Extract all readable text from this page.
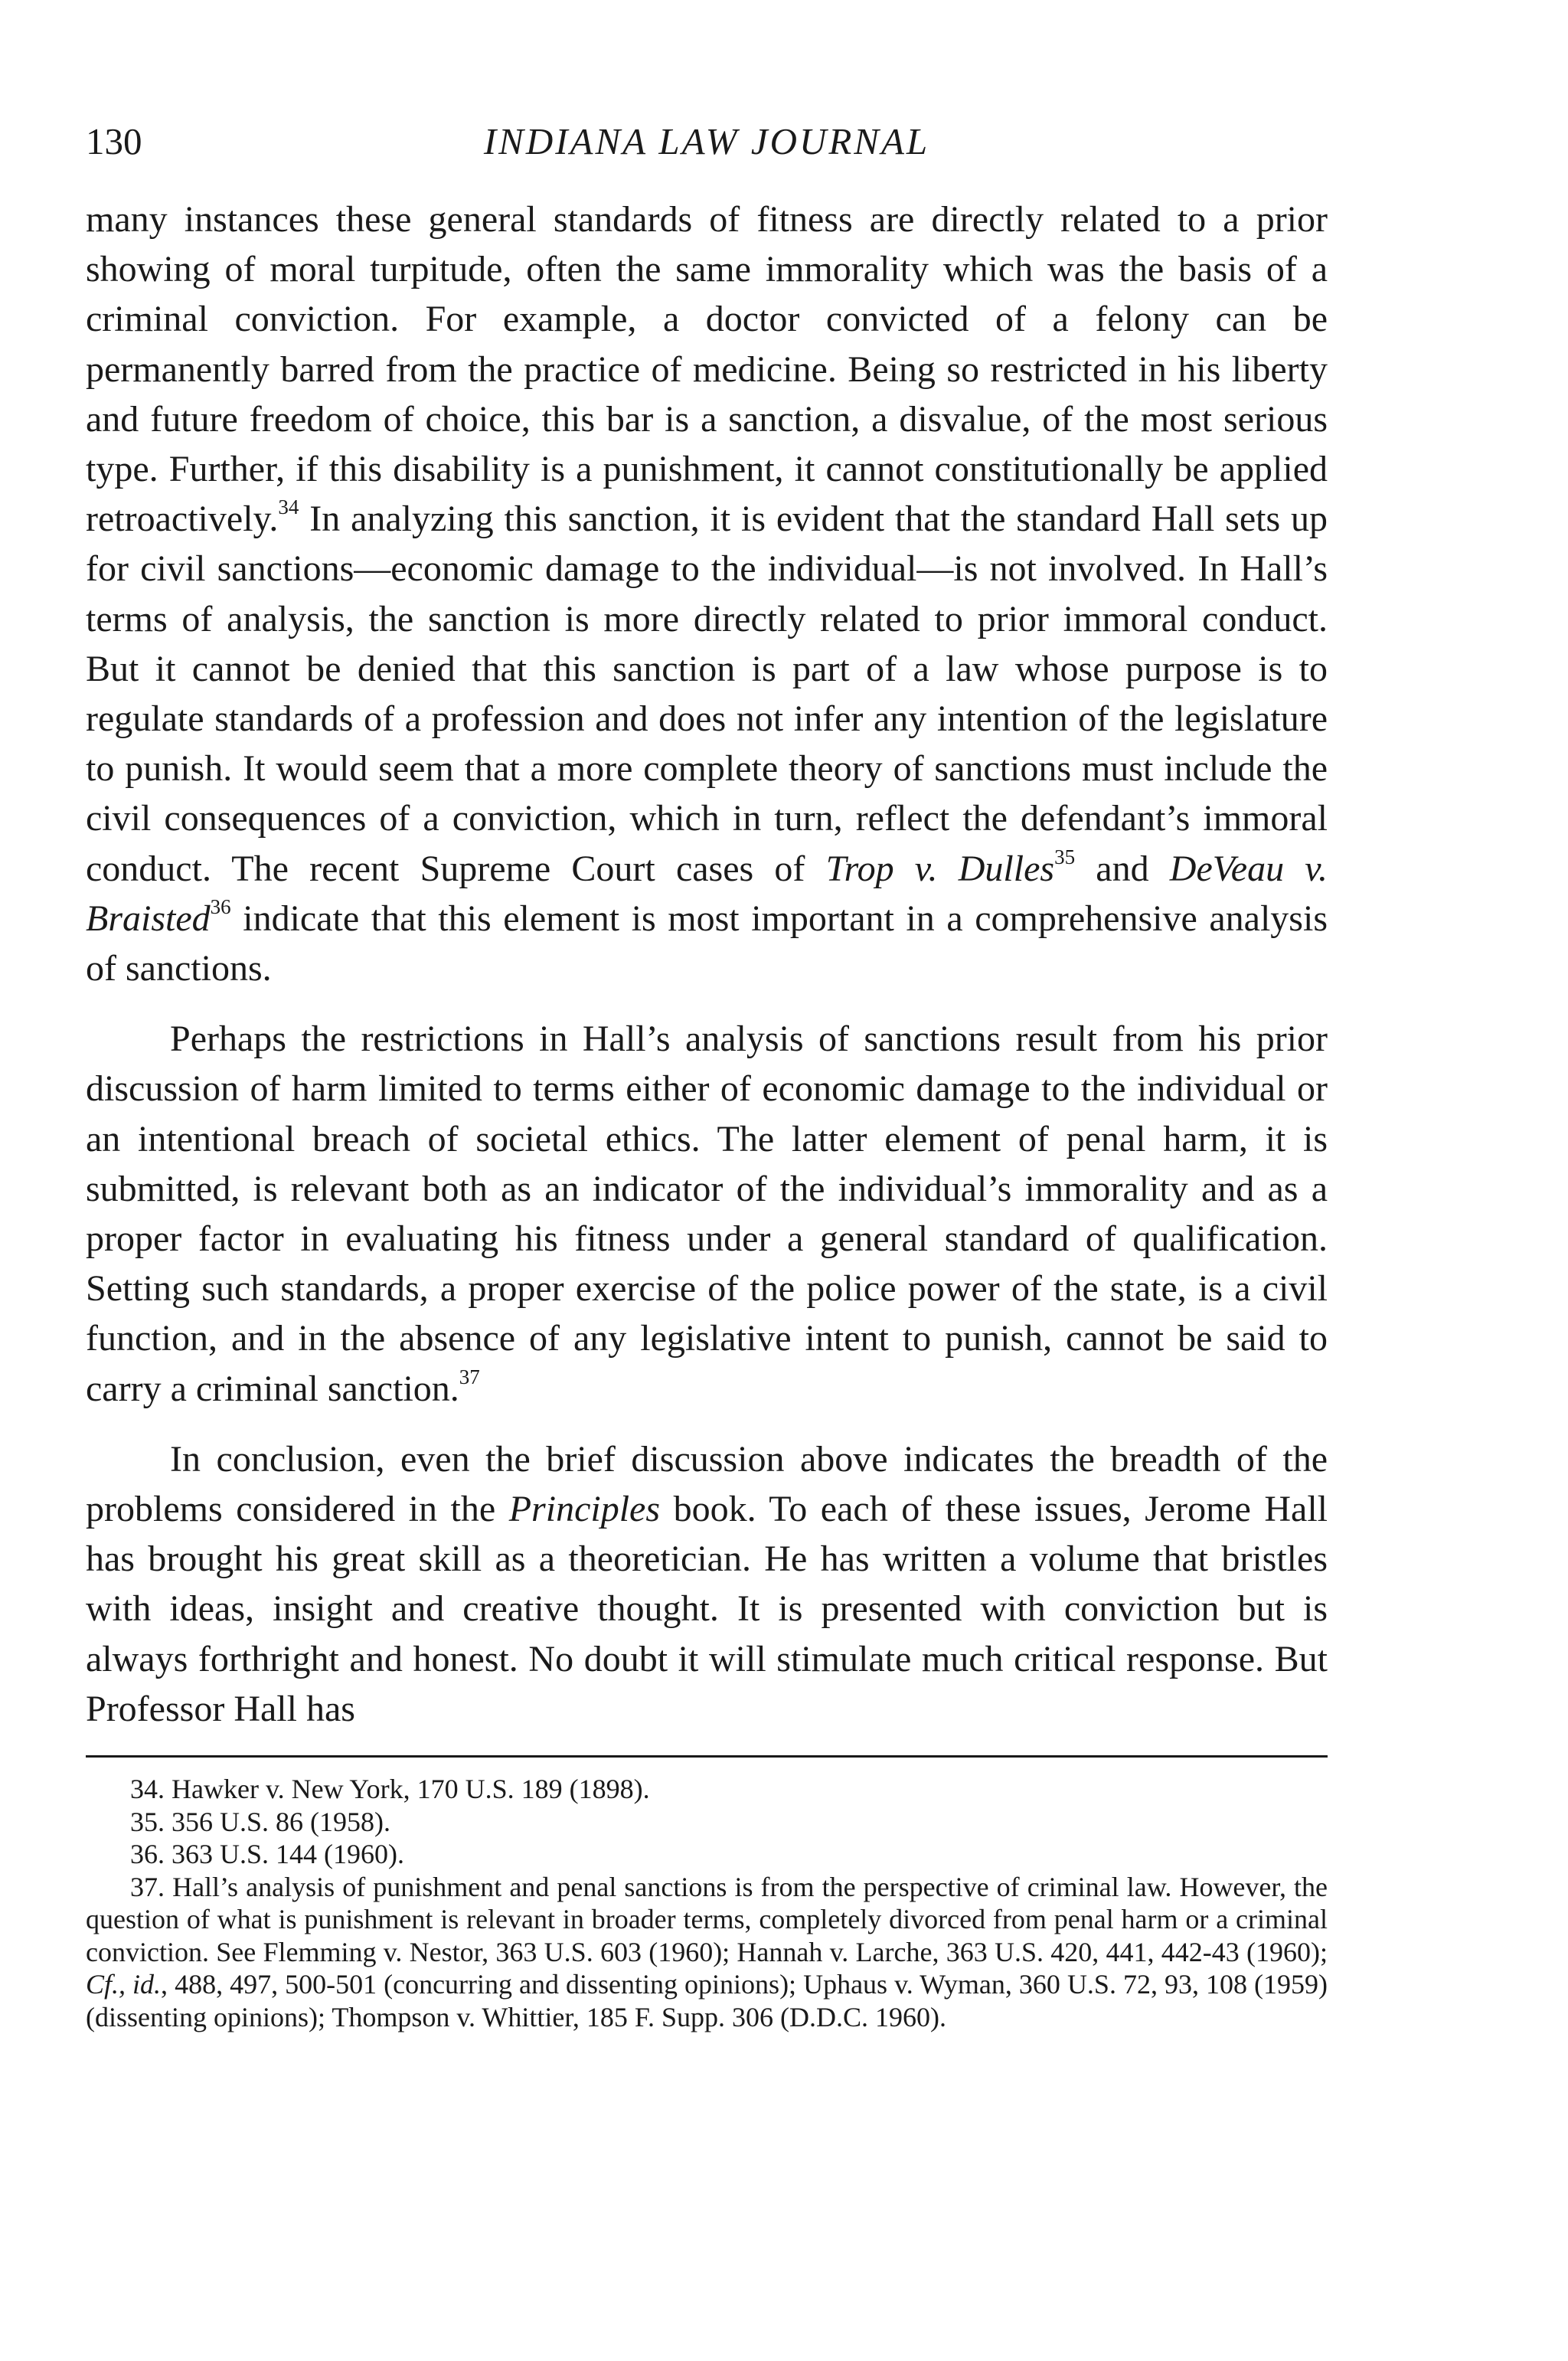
130	INDIANA LAW JOURNAL

many instances these general standards of fitness are directly related to a prior showing of moral turpitude, often the same immorality which was the basis of a criminal conviction. For example, a doctor convicted of a felony can be permanently barred from the practice of medicine. Being so restricted in his liberty and future freedom of choice, this bar is a sanction, a disvalue, of the most serious type. Further, if this disability is a punishment, it cannot constitutionally be applied retroactively.$^{34}$ In analyzing this sanction, it is evident that the standard Hall sets up for civil sanctions—economic damage to the individual—is not involved. In Hall’s terms of analysis, the sanction is more directly related to prior immoral conduct. But it cannot be denied that this sanction is part of a law whose purpose is to regulate standards of a profession and does not infer any intention of the legislature to punish. It would seem that a more complete theory of sanctions must include the civil consequences of a conviction, which in turn, reflect the defendant’s immoral conduct. The recent Supreme Court cases of Trop v. Dulles$^{35}$ and DeVeau v. Braisted$^{36}$ indicate that this element is most important in a comprehensive analysis of sanctions.

Perhaps the restrictions in Hall’s analysis of sanctions result from his prior discussion of harm limited to terms either of economic damage to the individual or an intentional breach of societal ethics. The latter element of penal harm, it is submitted, is relevant both as an indicator of the individual’s immorality and as a proper factor in evaluating his fitness under a general standard of qualification. Setting such standards, a proper exercise of the police power of the state, is a civil function, and in the absence of any legislative intent to punish, cannot be said to carry a criminal sanction.$^{37}$

In conclusion, even the brief discussion above indicates the breadth of the problems considered in the Principles book. To each of these issues, Jerome Hall has brought his great skill as a theoretician. He has written a volume that bristles with ideas, insight and creative thought. It is presented with conviction but is always forthright and honest. No doubt it will stimulate much critical response. But Professor Hall has

34. Hawker v. New York, 170 U.S. 189 (1898).

35. 356 U.S. 86 (1958).

36. 363 U.S. 144 (1960).

37. Hall’s analysis of punishment and penal sanctions is from the perspective of criminal law. However, the question of what is punishment is relevant in broader terms, completely divorced from penal harm or a criminal conviction. See Flemming v. Nestor, 363 U.S. 603 (1960); Hannah v. Larche, 363 U.S. 420, 441, 442-43 (1960); Cf., id., 488, 497, 500-501 (concurring and dissenting opinions); Uphaus v. Wyman, 360 U.S. 72, 93, 108 (1959) (dissenting opinions); Thompson v. Whittier, 185 F. Supp. 306 (D.D.C. 1960).
